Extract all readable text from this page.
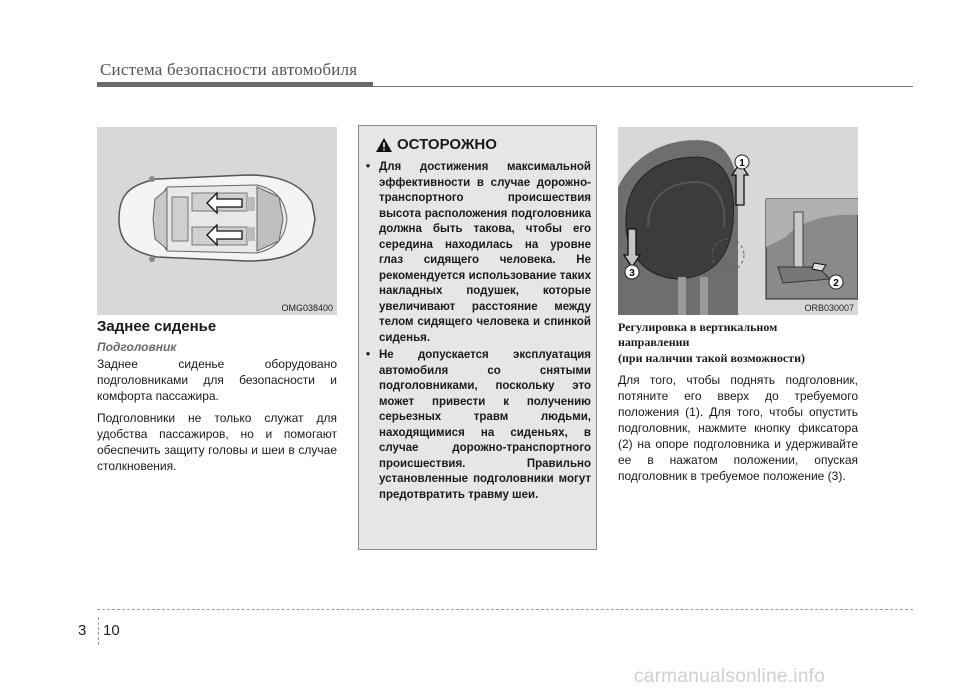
Система безопасности автомобиля
OMG038400
Заднее сиденье
Подголовник

Заднее сиденье оборудовано подголовниками для безопасности и комфорта пассажира.

Подголовники не только служат для удобства пассажиров, но и помогают обеспечить защиту головы и шеи в случае столкновения.

ОСТОРОЖНО
• Для достижения максимальной эффективности в случае дорожно-транспортного происшествия высота расположения подголовника должна быть такова, чтобы его середина находилась на уровне глаз сидящего человека. Не рекомендуется использование таких накладных подушек, которые увеличивают расстояние между телом сидящего человека и спинкой сиденья.
• Не допускается эксплуатация автомобиля со снятыми подголовниками, поскольку это может привести к получению серьезных травм людьми, находящимися на сиденьях, в случае дорожно-транспортного происшествия. Правильно установленные подголовники могут предотвратить травму шеи.
1
2
3
ORB030007
Регулировка в вертикальном направлении
(при наличии такой возможности)

Для того, чтобы поднять подголовник, потяните его вверх до требуемого положения (1). Для того, чтобы опустить подголовник, нажмите кнопку фиксатора (2) на опоре подголовника и удерживайте ее в нажатом положении, опуская подголовник в требуемое положение (3).

3 10
carmanualsonline.info
